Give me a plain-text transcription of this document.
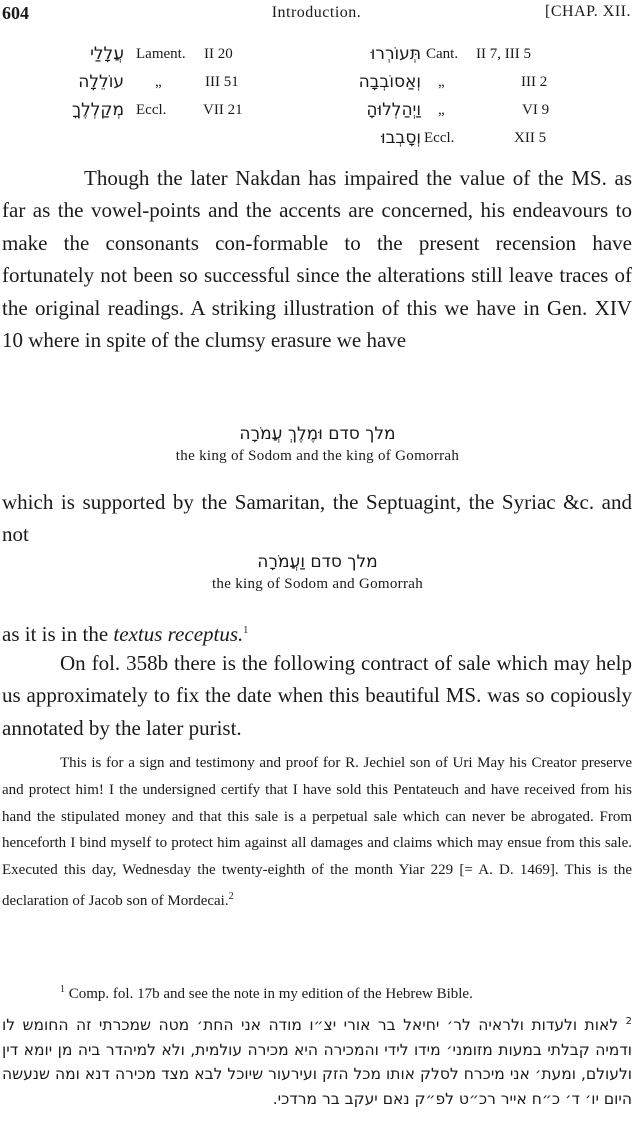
604	Introduction.	[CHAP. XII.
עֲלָלַי Lament. II 20	תְּעוֹרְרוּ Cant. II 7, III 5
עוֹלֵלָה „	III 51	וְאַסוֹבְבָה „	III 2
מְקַלְלֶךָ Eccl. VII 21	וַיְהַלְלוּהָ „	VI 9
וְסָבְבוּ Eccl.	XII 5
Though the later Nakdan has impaired the value of the MS. as far as the vowel-points and the accents are concerned, his endeavours to make the consonants con-formable to the present recension have fortunately not been so successful since the alterations still leave traces of the original readings. A striking illustration of this we have in Gen. XIV 10 where in spite of the clumsy erasure we have
מלך סדם וּמֶלֶךְ עֲמֹרָה
the king of Sodom and the king of Gomorrah
which is supported by the Samaritan, the Septuagint, the Syriac &c. and not
מלך סדם וַעֲמֹרָה
the king of Sodom and Gomorrah
as it is in the textus receptus.$^1$
On fol. 358b there is the following contract of sale which may help us approximately to fix the date when this beautiful MS. was so copiously annotated by the later purist.
This is for a sign and testimony and proof for R. Jechiel son of Uri May his Creator preserve and protect him! I the undersigned certify that I have sold this Pentateuch and have received from his hand the stipulated money and that this sale is a perpetual sale which can never be abrogated. From henceforth I bind myself to protect him against all damages and claims which may ensue from this sale. Executed this day, Wednesday the twenty-eighth of the month Yiar 229 [= A. D. 1469]. This is the declaration of Jacob son of Mordecai.$^2$
$^1$ Comp. fol. 17b and see the note in my edition of the Hebrew Bible.
$^2$ לאות ולעדות ולראיה לר׳ יחיאל בר אורי יצ״ו מודה אני החת׳ מטה שמכרתי זה החומש לו ודמיה קבלתי במעות מזומני׳ מידו לידי והמכירה היא מכירה עולמית, ולא למיהדר ביה מן יומא דין ולעולם, ומעת׳ אני מיכרח לסלק אותו מכל הזק ועירעור שיוכל לבא מצד מכירה דנא ומה שנעשה היום יו׳ ד׳ כ״ח אייר רכ״ט לפ״ק נאם יעקב בר מרדכי.
